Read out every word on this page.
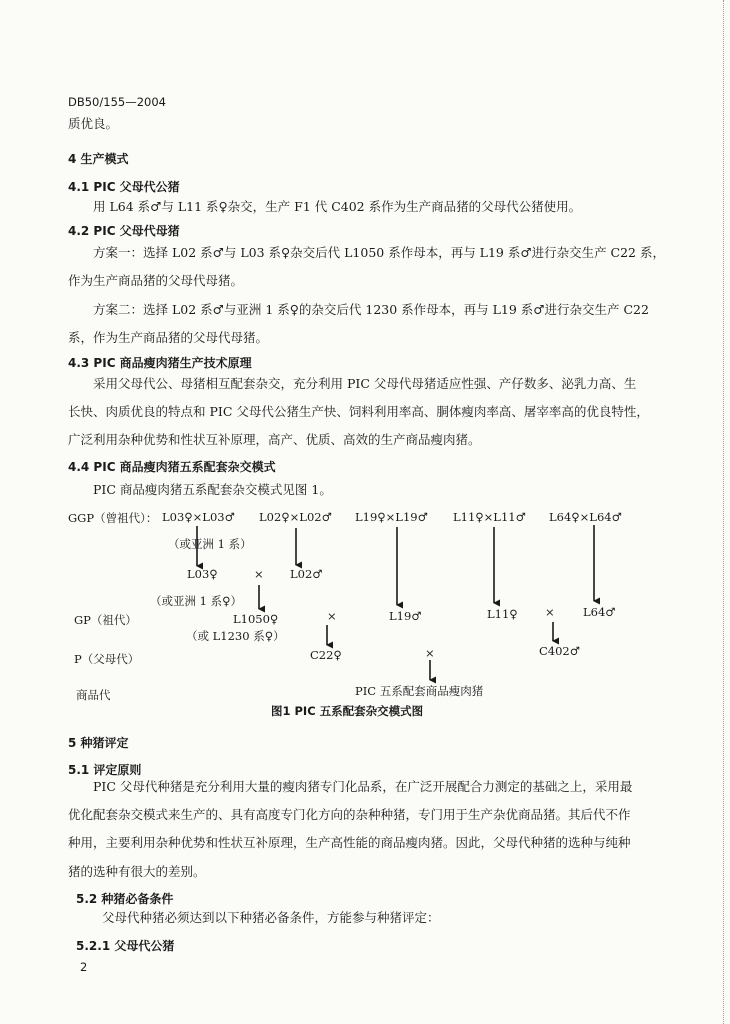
DB50/155—2004
质优良。
4 生产模式
4.1 PIC 父母代公猪
用 L64 系♂与 L11 系♀杂交，生产 F1 代 C402 系作为生产商品猪的父母代公猪使用。
4.2 PIC 父母代母猪
方案一：选择 L02 系♂与 L03 系♀杂交后代 L1050 系作母本，再与 L19 系♂进行杂交生产 C22 系，
作为生产商品猪的父母代母猪。
方案二：选择 L02 系♂与亚洲 1 系♀的杂交后代 1230 系作母本，再与 L19 系♂进行杂交生产 C22
系，作为生产商品猪的父母代母猪。
4.3 PIC 商品瘦肉猪生产技术原理
采用父母代公、母猪相互配套杂交，充分利用 PIC 父母代母猪适应性强、产仔数多、泌乳力高、生
长快、肉质优良的特点和 PIC 父母代公猪生产快、饲料利用率高、胴体瘦肉率高、屠宰率高的优良特性，
广泛利用杂种优势和性状互补原理，高产、优质、高效的生产商品瘦肉猪。
4.4 PIC 商品瘦肉猪五系配套杂交模式
PIC 商品瘦肉猪五系配套杂交模式见图 1。
GGP（曾祖代）： L03♀×L03♂ L02♀×L02♂ L19♀×L19♂ L11♀×L11♂ L64♀×L64♂
（或亚洲 1 系）
L03♀	× L02♂
（或亚洲 1 系♀）
GP（祖代）	L1050♀	×	L19♂	L11♀ × L64♂
（或 L1230 系♀）
P（父母代）	C22♀	×	C402♂
商品代	PIC 五系配套商品瘦肉猪
图1 PIC 五系配套杂交模式图
5 种猪评定
5.1 评定原则
PIC 父母代种猪是充分利用大量的瘦肉猪专门化品系，在广泛开展配合力测定的基础之上，采用最
优化配套杂交模式来生产的、具有高度专门化方向的杂种种猪，专门用于生产杂优商品猪。其后代不作
种用，主要利用杂种优势和性状互补原理，生产高性能的商品瘦肉猪。因此，父母代种猪的选种与纯种
猪的选种有很大的差别。
5.2 种猪必备条件
父母代种猪必须达到以下种猪必备条件，方能参与种猪评定：
5.2.1 父母代公猪
2
